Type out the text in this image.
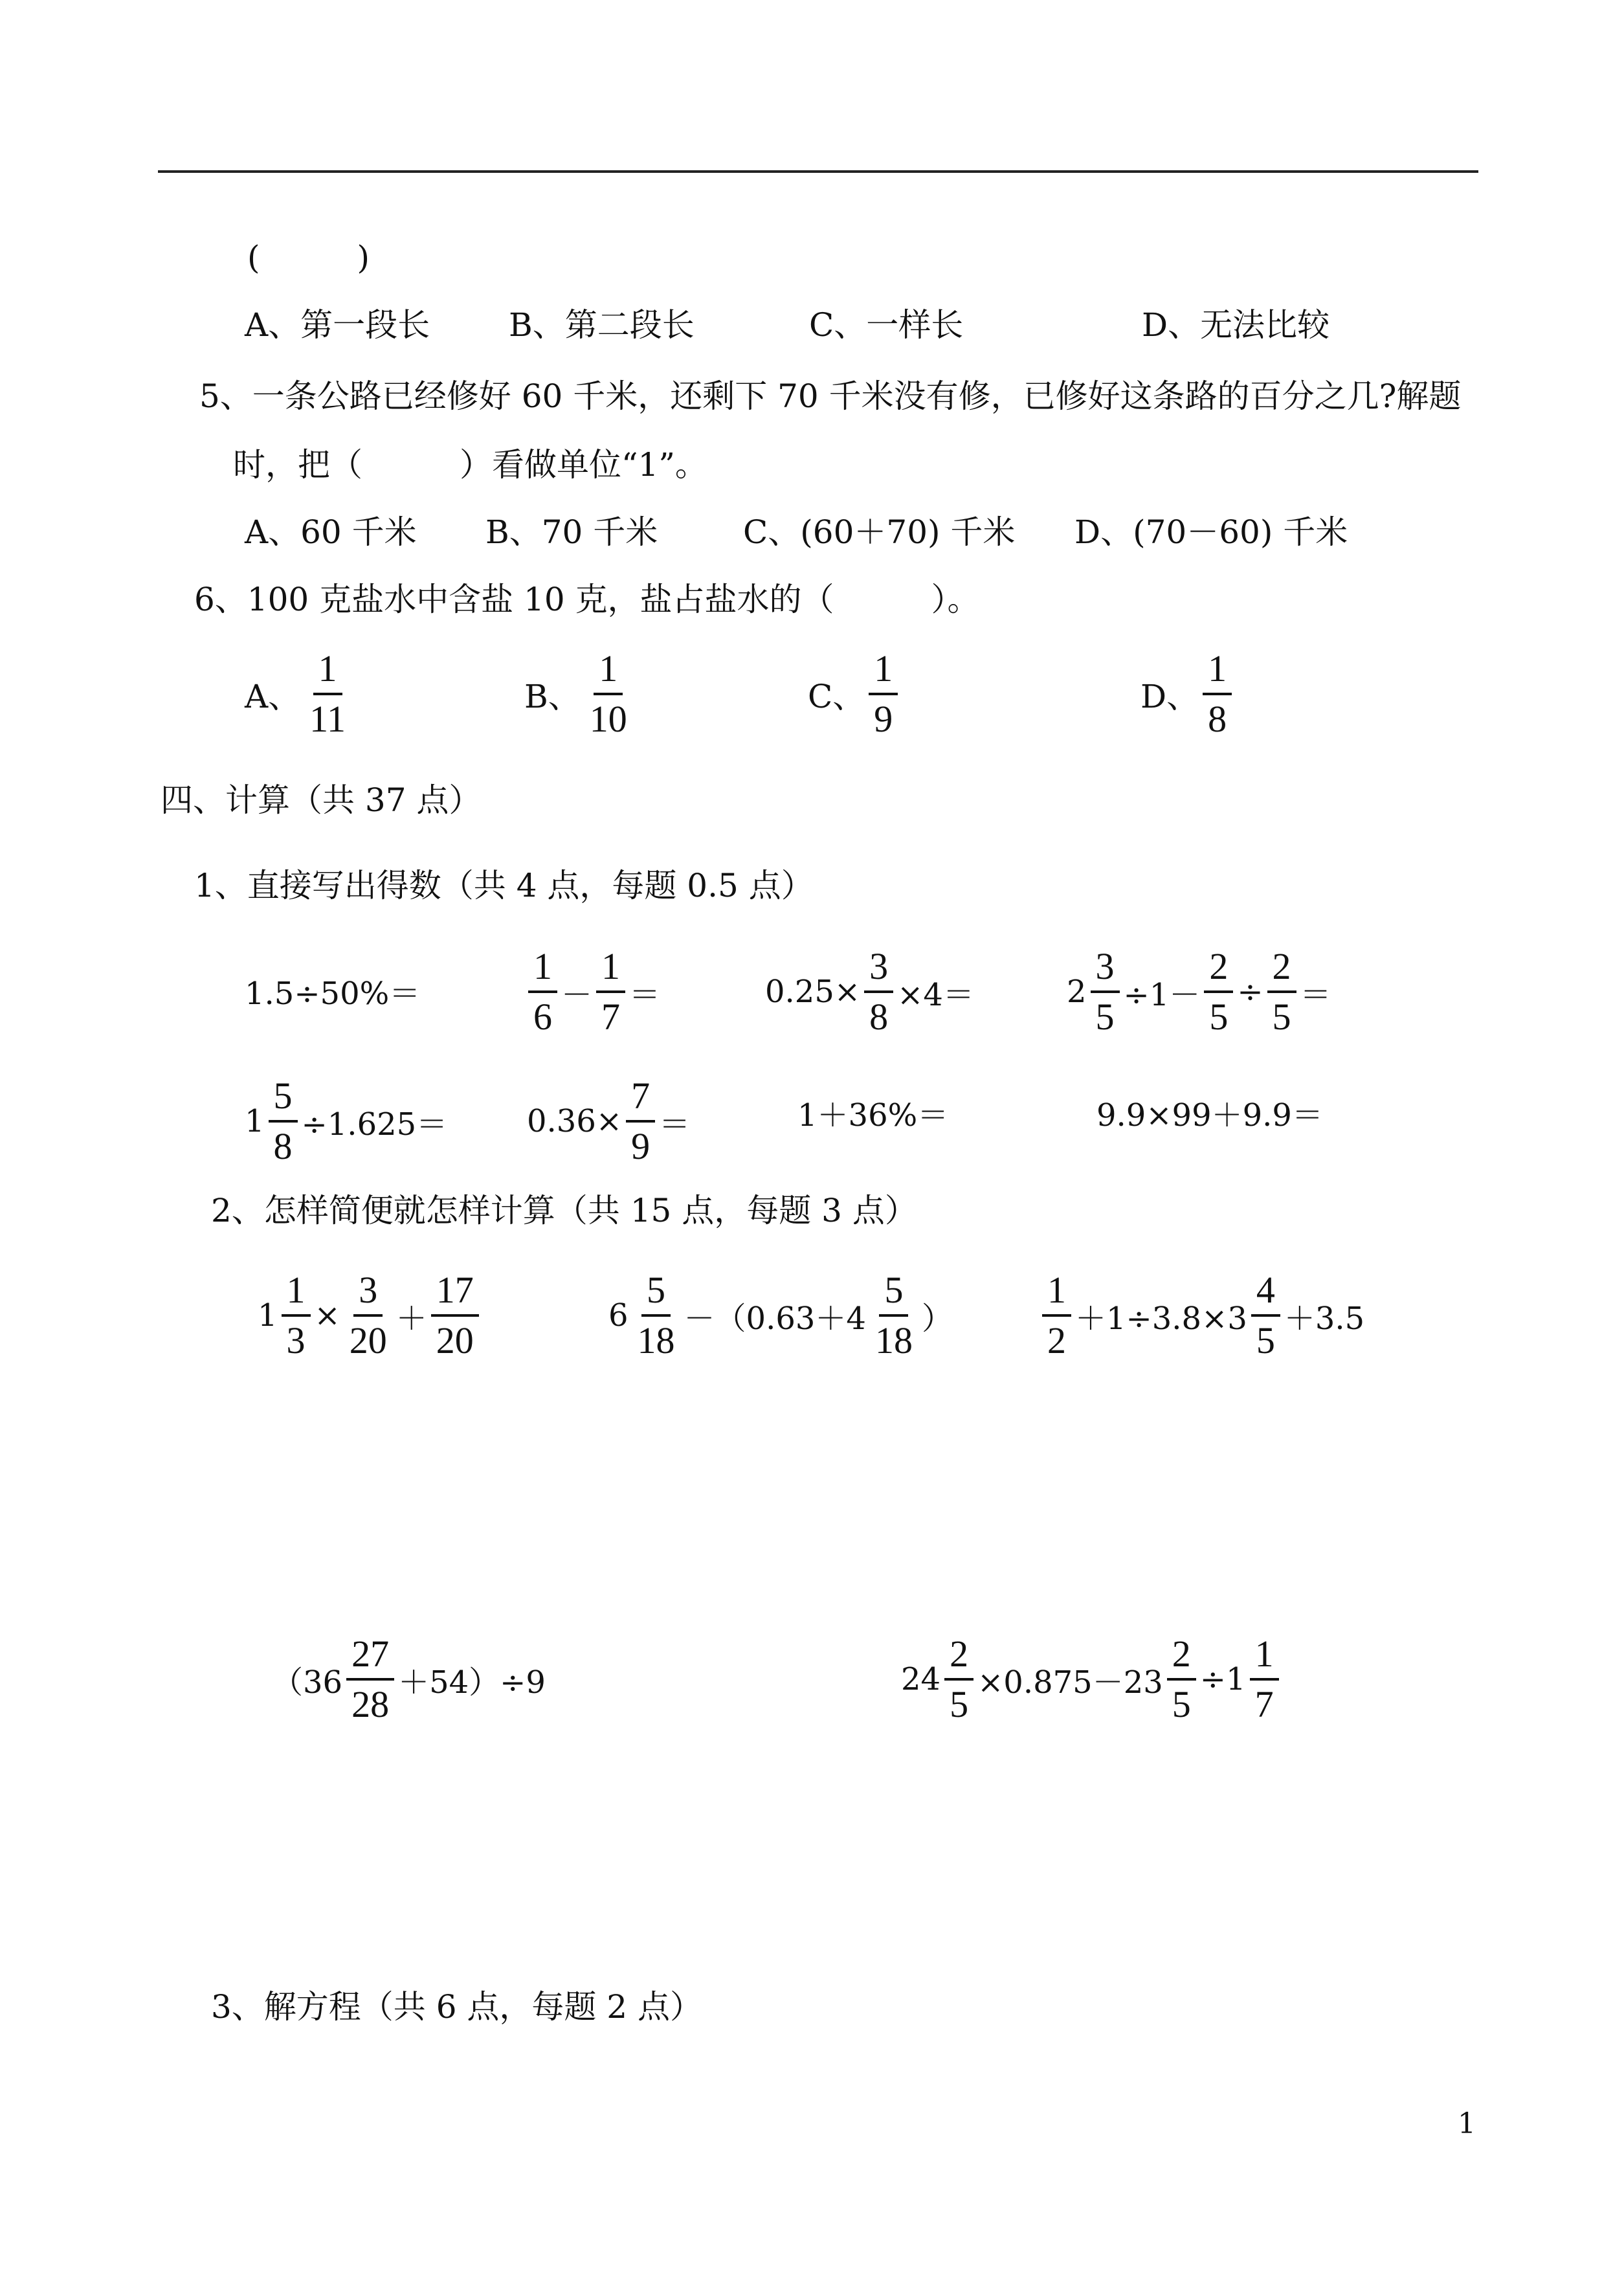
(　　　)
A、第一段长 B、第二段长	C、一样长	D、无法比较
5、一条公路已经修好 60 千米，还剩下 70 千米没有修，已修好这条路的百分之几?解题
时，把（　　　）看做单位“1”。
A、60 千米 B、70 千米	C、(60＋70) 千米 D、(70－60) 千米
6、100 克盐水中含盐 10 克，盐占盐水的（　　　）。
A、 $\frac{1}{11}$	B、 $\frac{1}{10}$	C、 $\frac{1}{9}$	D、 $\frac{1}{8}$
四、计算（共 37 点）
1、直接写出得数（共 4 点，每题 0.5 点）
1.5÷50%＝	$\frac{1}{6} - \frac{1}{7}$ ＝	$0.25\times \frac{3}{8} \times 4=$	$2 \frac{3}{5} \div 1- \frac{2}{5} \div \frac{2}{5}$ ＝
$1 \frac{5}{8} \div 1.625=$	$0.36\times \frac{7}{9}$ ＝	1＋36%＝	9.9×99＋9.9＝
2、怎样简便就怎样计算（共 15 点，每题 3 点）
$1 \frac{1}{3} \times \frac{3}{20} + \frac{17}{20}$	$6 \frac{5}{18} -(0.63+4 \frac{5}{18}$ ） $\frac{1}{2} +1\div 3.8\times 3 \frac{4}{5} +3.5$
$(36 \frac{27}{28} +54)\div 9$	$24 \frac{2}{5} \times 0.875-23 \frac{2}{5} \div 1 \frac{1}{7}$
3、解方程（共 6 点，每题 2 点）
1
